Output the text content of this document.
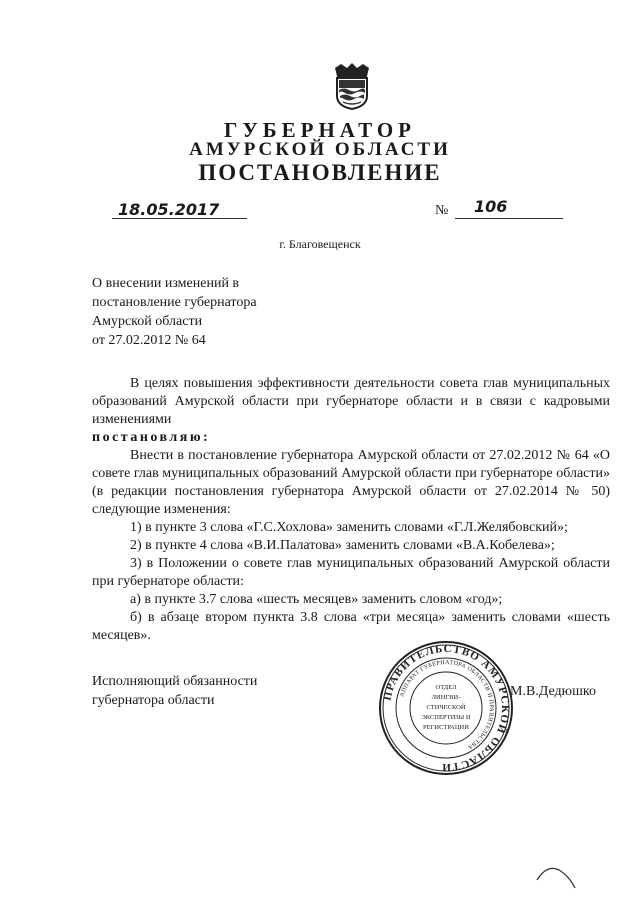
ГУБЕРНАТОР
АМУРСКОЙ ОБЛАСТИ
ПОСТАНОВЛЕНИЕ
18.05.2017	№ 106
г. Благовещенск
О внесении изменений в
постановление губернатора
Амурской области
от 27.02.2012 № 64
В целях повышения эффективности деятельности совета глав муниципальных образований Амурской области при губернаторе области и в связи с кадровыми изменениями
постановляю:
Внести в постановление губернатора Амурской области от 27.02.2012 № 64 «О совете глав муниципальных образований Амурской области при губернаторе области» (в редакции постановления губернатора Амурской области от 27.02.2014 № 50) следующие изменения:
1) в пункте 3 слова «Г.С.Хохлова» заменить словами «Г.Л.Желябовский»;
2) в пункте 4 слова «В.И.Палатова» заменить словами «В.А.Кобелева»;
3) в Положении о совете глав муниципальных образований Амурской области при губернаторе области:
а) в пункте 3.7 слова «шесть месяцев» заменить словом «год»;
б) в абзаце втором пункта 3.8 слова «три месяца» заменить словами «шесть месяцев».
Исполняющий обязанности
губернатора области
М.В.Дедюшко
ПРАВИТЕЛЬСТВО АМУРСКОЙ ОБЛАСТИ
АППАРАТ ГУБЕРНАТОРА ОБЛАСТИ И ПРАВИТЕЛЬСТВА
ОТДЕЛ
ЛИНГВИ-
СТИЧЕСКОЙ
ЭКСПЕРТИЗЫ И
РЕГИСТРАЦИИ
